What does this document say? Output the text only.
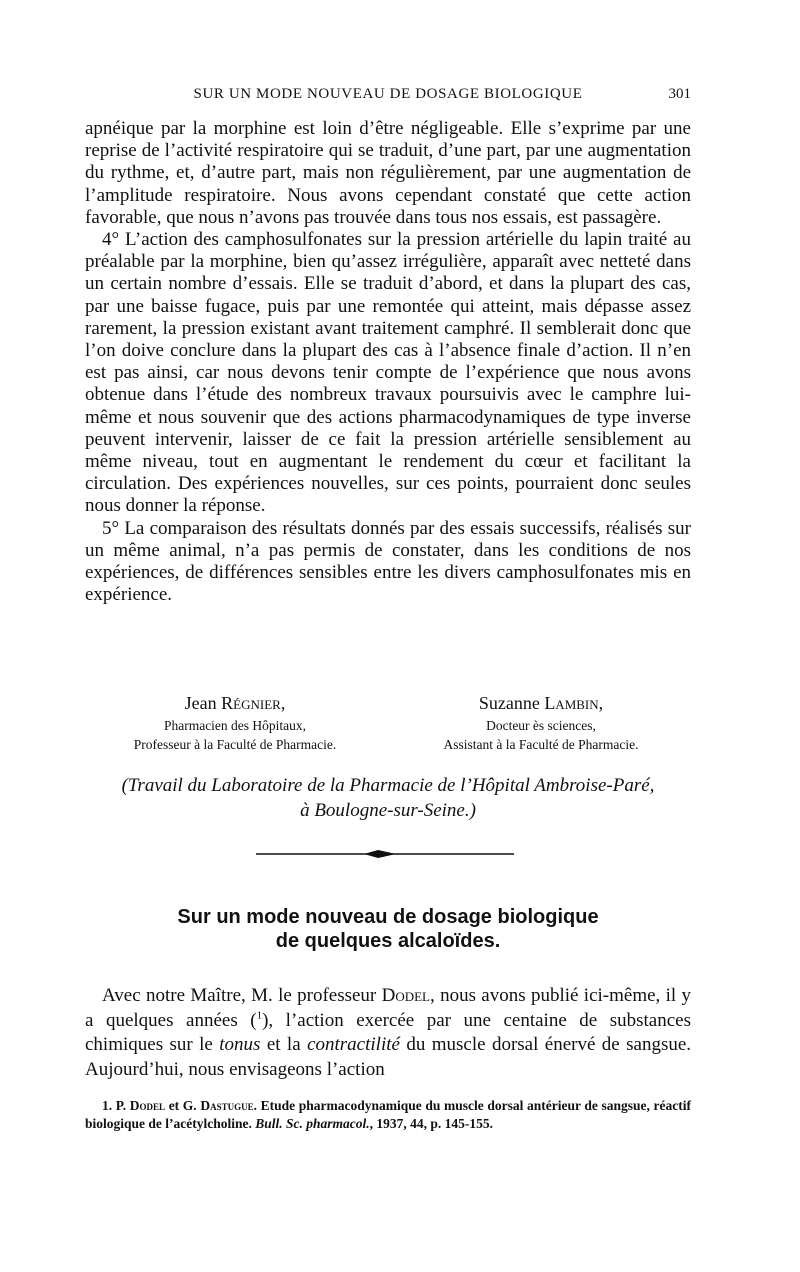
SUR UN MODE NOUVEAU DE DOSAGE BIOLOGIQUE	301

apnéique par la morphine est loin d’être négligeable. Elle s’exprime par une reprise de l’activité respiratoire qui se traduit, d’une part, par une augmentation du rythme, et, d’autre part, mais non régulièrement, par une augmentation de l’amplitude respiratoire. Nous avons cependant constaté que cette action favorable, que nous n’avons pas trouvée dans tous nos essais, est passagère.

4° L’action des camphosulfonates sur la pression artérielle du lapin traité au préalable par la morphine, bien qu’assez irrégulière, apparaît avec netteté dans un certain nombre d’essais. Elle se traduit d’abord, et dans la plupart des cas, par une baisse fugace, puis par une remontée qui atteint, mais dépasse assez rarement, la pression existant avant traitement camphré. Il semblerait donc que l’on doive conclure dans la plupart des cas à l’absence finale d’action. Il n’en est pas ainsi, car nous devons tenir compte de l’expérience que nous avons obtenue dans l’étude des nombreux travaux poursuivis avec le camphre lui-même et nous souvenir que des actions pharmacodynamiques de type inverse peuvent intervenir, laisser de ce fait la pression artérielle sensiblement au même niveau, tout en augmentant le rendement du cœur et facilitant la circulation. Des expériences nouvelles, sur ces points, pourraient donc seules nous donner la réponse.

5° La comparaison des résultats donnés par des essais successifs, réalisés sur un même animal, n’a pas permis de constater, dans les conditions de nos expériences, de différences sensibles entre les divers camphosulfonates mis en expérience.

Jean Régnier,
Pharmacien des Hôpitaux,
Professeur à la Faculté de Pharmacie.
Suzanne Lambin,
Docteur ès sciences,
Assistant à la Faculté de Pharmacie.
(Travail du Laboratoire de la Pharmacie de l’Hôpital Ambroise-Paré,
à Boulogne-sur-Seine.)
Sur un mode nouveau de dosage biologique
de quelques alcaloïdes.

Avec notre Maître, M. le professeur Dodel, nous avons publié ici-même, il y a quelques années ($^1$), l’action exercée par une centaine de substances chimiques sur le tonus et la contractilité du muscle dorsal énervé de sangsue. Aujourd’hui, nous envisageons l’action

1. P. Dodel et G. Dastugue. Etude pharmacodynamique du muscle dorsal antérieur de sangsue, réactif biologique de l’acétylcholine. Bull. Sc. pharmacol., 1937, 44, p. 145-155.
